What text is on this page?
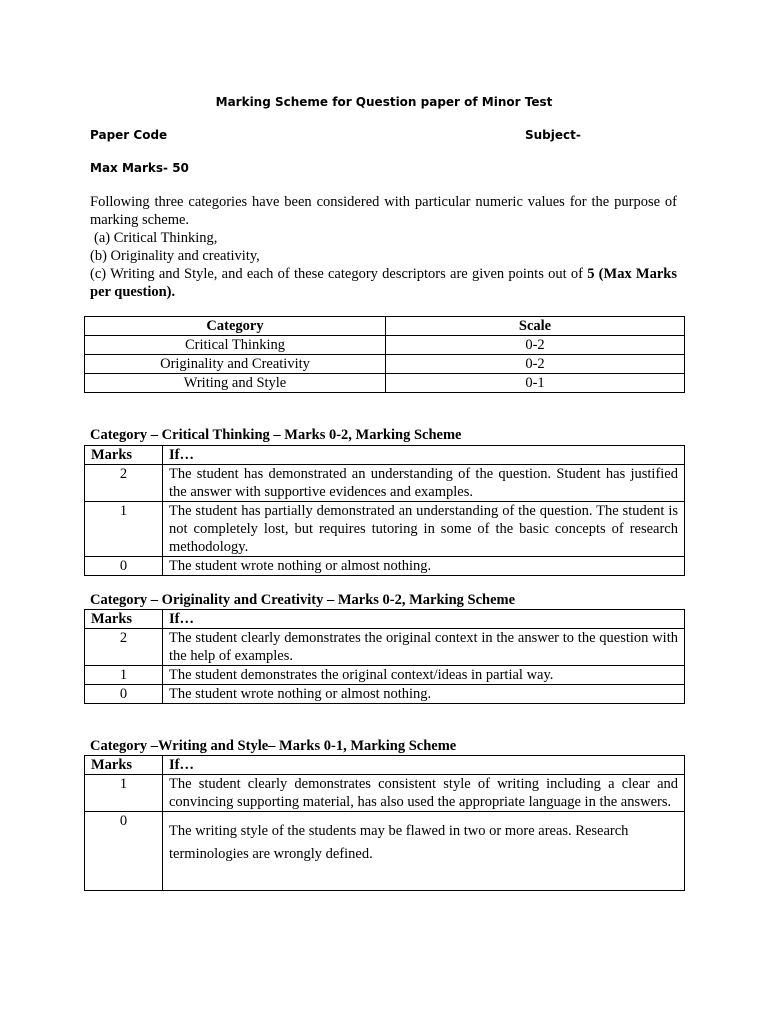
Marking Scheme for Question paper of Minor Test
Paper Code	Subject-
Max Marks- 50
Following three categories have been considered with particular numeric values for the purpose of marking scheme.
(a) Critical Thinking,
(b) Originality and creativity,
(c) Writing and Style, and each of these category descriptors are given points out of 5 (Max Marks per question).
Category	Scale
Critical Thinking	0-2
Originality and Creativity	0-2
Writing and Style	0-1
Category – Critical Thinking – Marks 0-2, Marking Scheme
Marks	If…
2	The student has demonstrated an understanding of the question. Student has justified the answer with supportive evidences and examples.
1	The student has partially demonstrated an understanding of the question. The student is not completely lost, but requires tutoring in some of the basic concepts of research methodology.
0	The student wrote nothing or almost nothing.
Category – Originality and Creativity – Marks 0-2, Marking Scheme
Marks	If…
2	The student clearly demonstrates the original context in the answer to the question with the help of examples.
1	The student demonstrates the original context/ideas in partial way.
0	The student wrote nothing or almost nothing.
Category –Writing and Style– Marks 0-1, Marking Scheme
Marks	If…
1	The student clearly demonstrates consistent style of writing including a clear and convincing supporting material, has also used the appropriate language in the answers.
0	The writing style of the students may be flawed in two or more areas. Research terminologies are wrongly defined.
